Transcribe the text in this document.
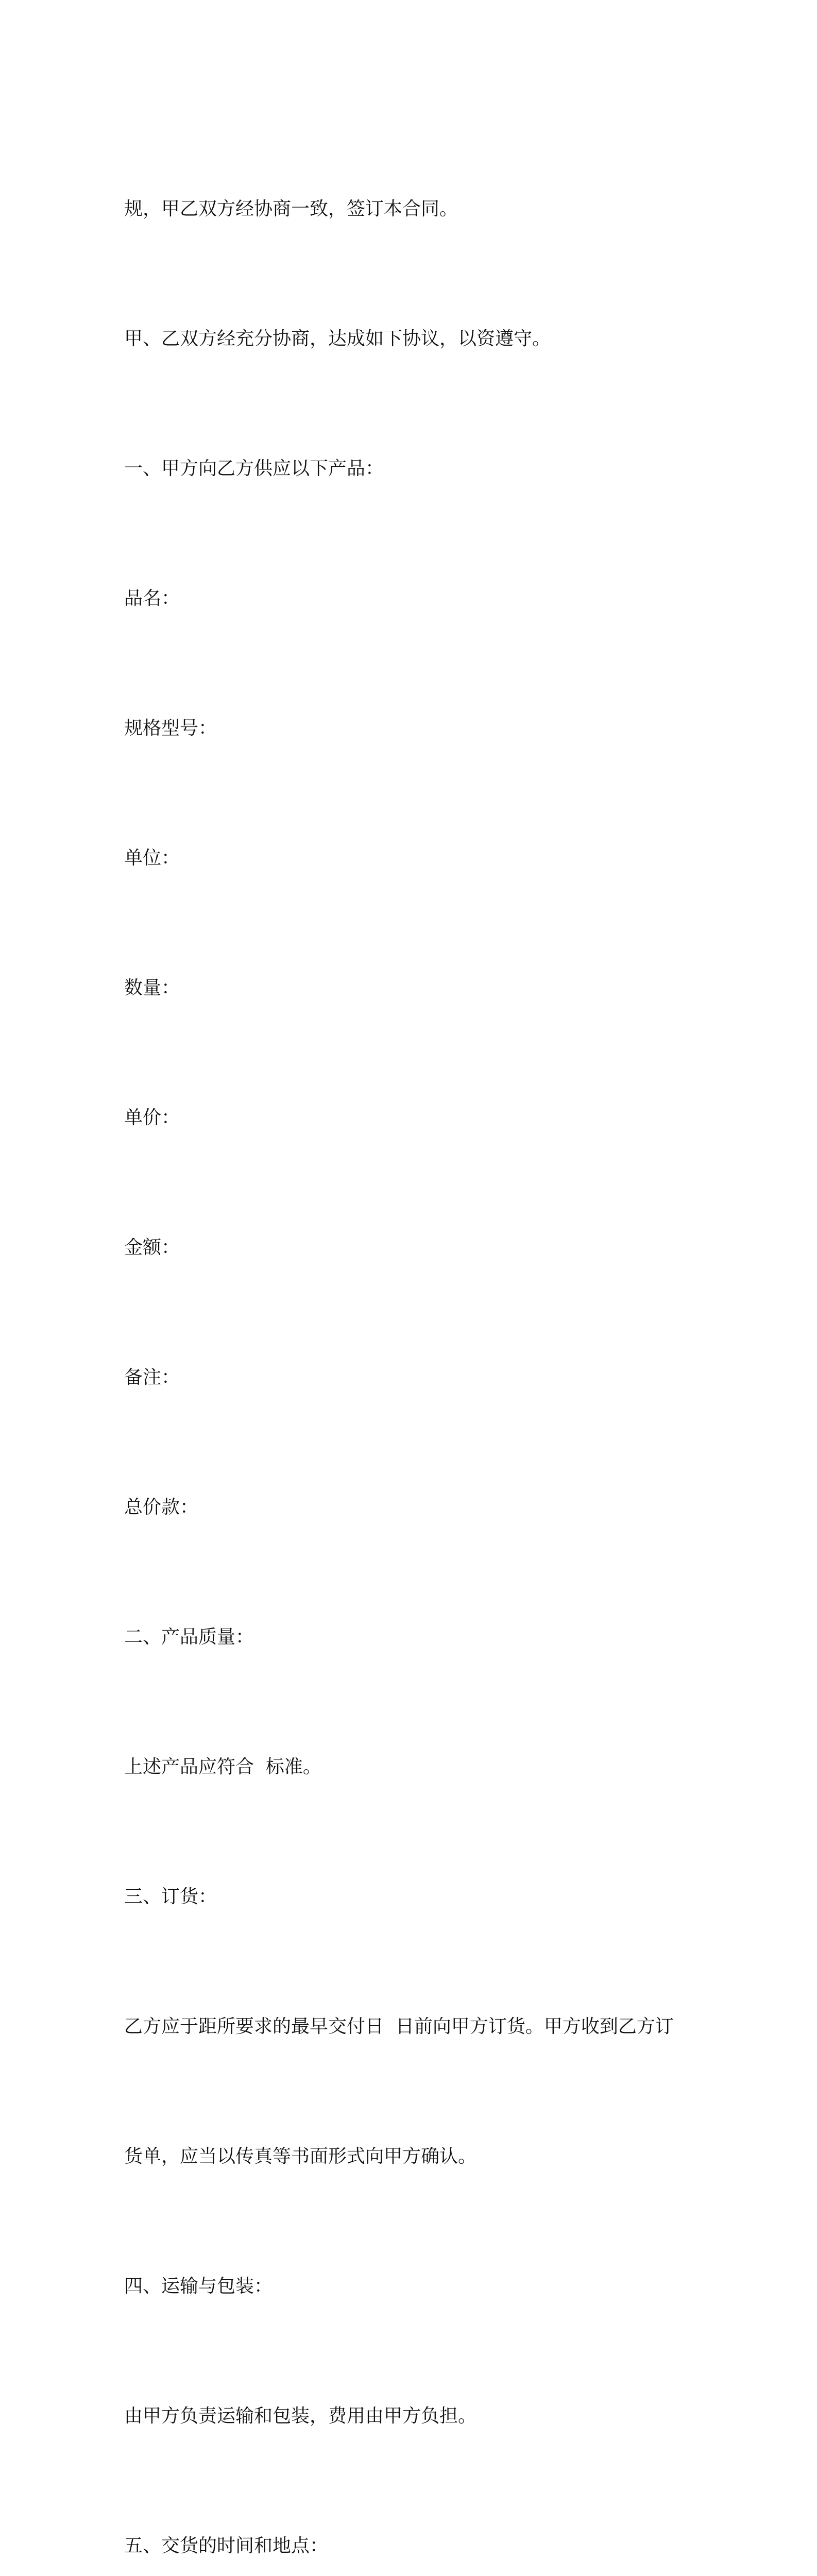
规，甲乙双方经协商一致，签订本合同。

甲、乙双方经充分协商，达成如下协议，以资遵守。

一、甲方向乙方供应以下产品：

品名：

规格型号：

单位：

数量：

单价：

金额：

备注：

总价款：

二、产品质量：

上述产品应符合  标准。

三、订货：

乙方应于距所要求的最早交付日  日前向甲方订货。甲方收到乙方订

货单，应当以传真等书面形式向甲方确认。

四、运输与包装：

由甲方负责运输和包装，费用由甲方负担。

五、交货的时间和地点：
